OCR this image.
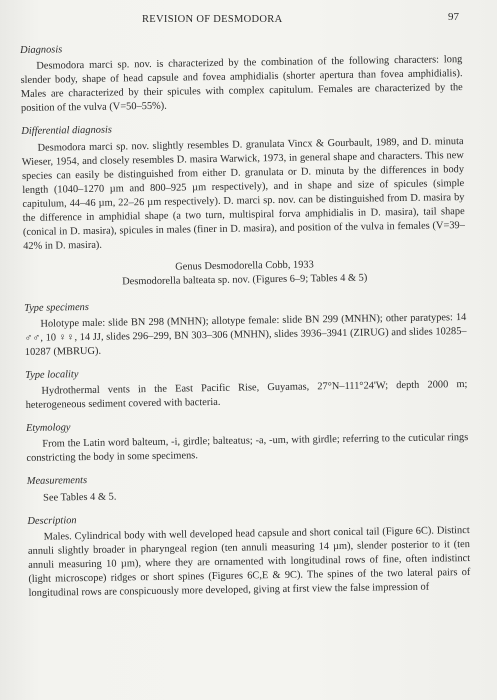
REVISION OF DESMODORA	97
Diagnosis

Desmodora marci sp. nov. is characterized by the combination of the following characters: long slender body, shape of head capsule and fovea amphidialis (shorter apertura than fovea amphidialis). Males are characterized by their spicules with complex capitulum. Females are characterized by the position of the vulva (V=50–55%).

Differential diagnosis

Desmodora marci sp. nov. slightly resembles D. granulata Vincx & Gourbault, 1989, and D. minuta Wieser, 1954, and closely resembles D. masira Warwick, 1973, in general shape and characters. This new species can easily be distinguished from either D. granulata or D. minuta by the differences in body length (1040–1270 µm and 800–925 µm respectively), and in shape and size of spicules (simple capitulum, 44–46 µm, 22–26 µm respectively). D. marci sp. nov. can be distinguished from D. masira by the difference in amphidial shape (a two turn, multispiral forva amphidialis in D. masira), tail shape (conical in D. masira), spicules in males (finer in D. masira), and position of the vulva in females (V=39–42% in D. masira).

Genus Desmodorella Cobb, 1933
Desmodorella balteata sp. nov. (Figures 6–9; Tables 4 & 5)
Type specimens

Holotype male: slide BN 298 (MNHN); allotype female: slide BN 299 (MNHN); other paratypes: 14 ♂♂, 10 ♀♀, 14 JJ, slides 296–299, BN 303–306 (MNHN), slides 3936–3941 (ZIRUG) and slides 10285–10287 (MBRUG).

Type locality

Hydrothermal vents in the East Pacific Rise, Guyamas, 27°N–111°24'W; depth 2000 m; heterogeneous sediment covered with bacteria.

Etymology

From the Latin word balteum, -i, girdle; balteatus; -a, -um, with girdle; referring to the cuticular rings constricting the body in some specimens.

Measurements

See Tables 4 & 5.

Description

Males. Cylindrical body with well developed head capsule and short conical tail (Figure 6C). Distinct annuli slightly broader in pharyngeal region (ten annuli measuring 14 µm), slender posterior to it (ten annuli measuring 10 µm), where they are ornamented with longitudinal rows of fine, often indistinct (light microscope) ridges or short spines (Figures 6C,E & 9C). The spines of the two lateral pairs of longitudinal rows are conspicuously more developed, giving at first view the false impression of
